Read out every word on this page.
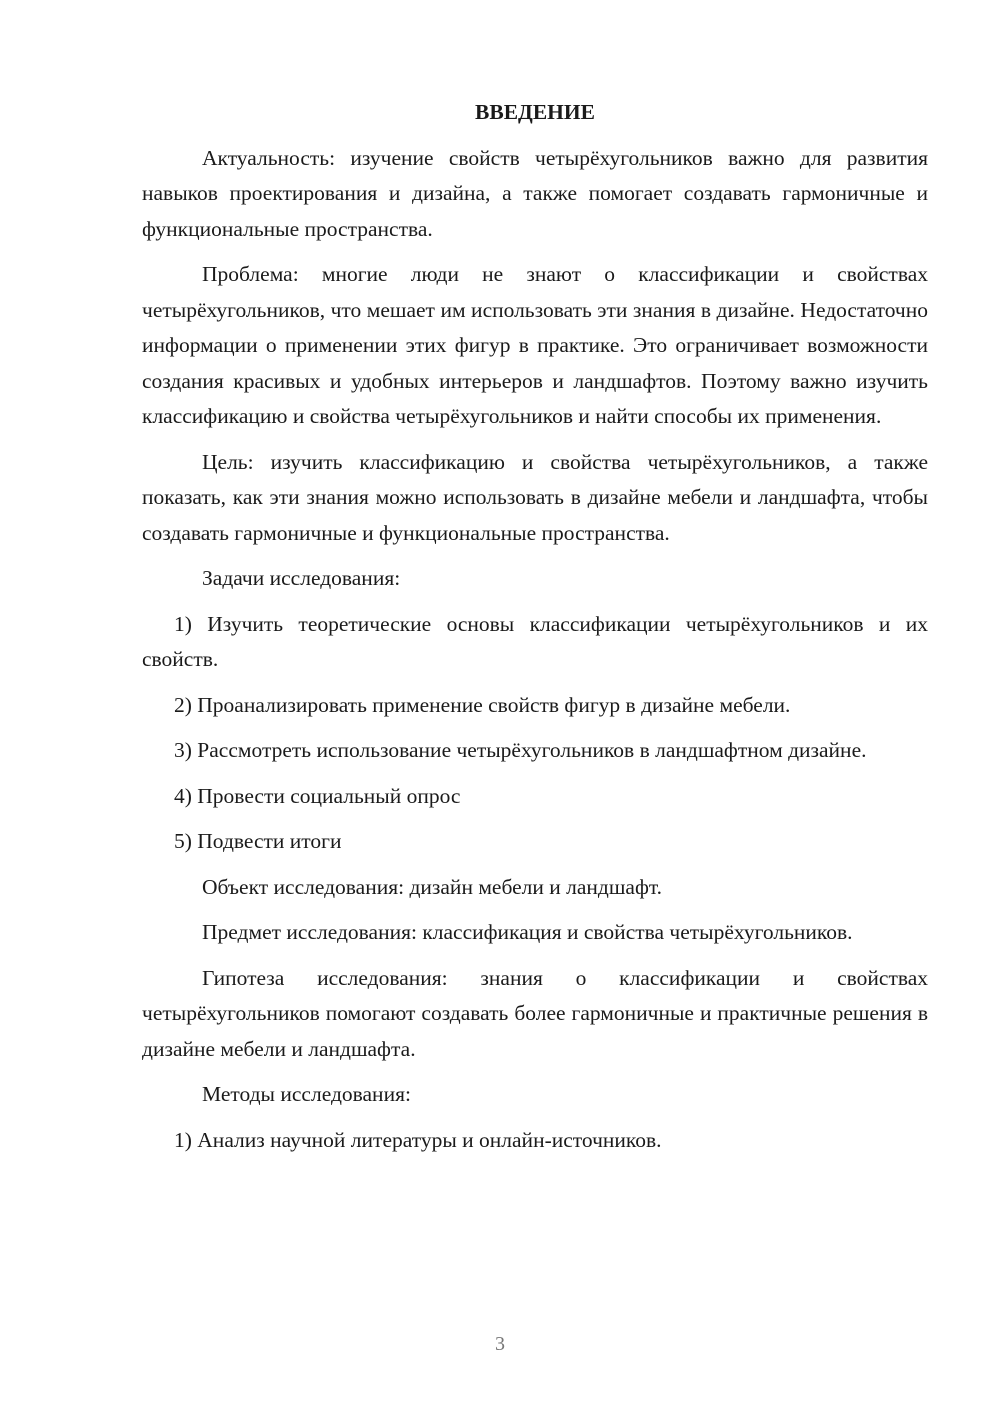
ВВЕДЕНИЕ

Актуальность: изучение свойств четырёхугольников важно для развития навыков проектирования и дизайна, а также помогает создавать гармоничные и функциональные пространства.

Проблема: многие люди не знают о классификации и свойствах четырёхугольников, что мешает им использовать эти знания в дизайне. Недостаточно информации о применении этих фигур в практике. Это ограничивает возможности создания красивых и удобных интерьеров и ландшафтов. Поэтому важно изучить классификацию и свойства четырёхугольников и найти способы их применения.

Цель: изучить классификацию и свойства четырёхугольников, а также показать, как эти знания можно использовать в дизайне мебели и ландшафта, чтобы создавать гармоничные и функциональные пространства.

Задачи исследования:

1) Изучить теоретические основы классификации четырёхугольников и их свойств.

2) Проанализировать применение свойств фигур в дизайне мебели.

3) Рассмотреть использование четырёхугольников в ландшафтном дизайне.

4) Провести социальный опрос

5) Подвести итоги

Объект исследования: дизайн мебели и ландшафт.

Предмет исследования: классификация и свойства четырёхугольников.

Гипотеза исследования: знания о классификации и свойствах четырёхугольников помогают создавать более гармоничные и практичные решения в дизайне мебели и ландшафта.

Методы исследования:

1) Анализ научной литературы и онлайн-источников.

3
